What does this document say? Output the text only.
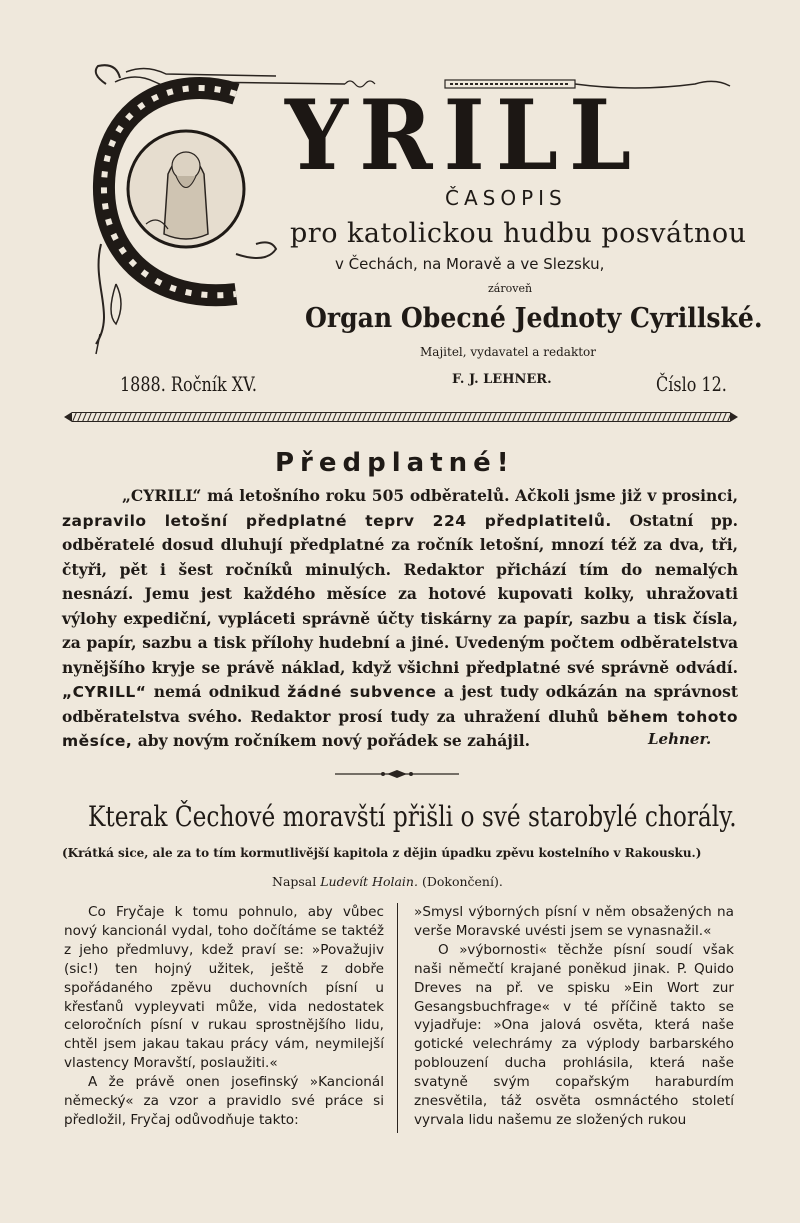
YRILL
ČASOPIS
pro katolickou hudbu posvátnou
v Čechách, na Moravě a ve Slezsku,
zároveň
Organ Obecné Jednoty Cyrillské.
Majitel, vydavatel a redaktor
1888. Ročník XV.	F. J. LEHNER.	Číslo 12.
Předplatné!

„CYRILL“ má letošního roku 505 odběratelů. Ačkoli jsme již v prosinci, zapravilo letošní předplatné teprv 224 předplatitelů. Ostatní pp. odběratelé dosud dluhují předplatné za ročník letošní, mnozí též za dva, tři, čtyři, pět i šest ročníků minulých. Redaktor přichází tím do nemalých nesnází. Jemu jest každého měsíce za hotové kupovati kolky, uhražovati výlohy expediční, vypláceti správně účty tiskárny za papír, sazbu a tisk čísla, za papír, sazbu a tisk přílohy hudební a jiné. Uvedeným počtem odběratelstva nynějšího kryje se právě náklad, když všichni předplatné své správně odvádí. „CYRILL“ nemá odnikud žádné subvence a jest tudy odkázán na správnost odběratelstva svého. Redaktor prosí tudy za uhražení dluhů během tohoto měsíce, aby novým ročníkem nový pořádek se zahájil.	Lehner.
Kterak Čechové moravští přišli o své starobylé chorály.
(Krátká sice, ale za to tím kormutlivější kapitola z dějin úpadku zpěvu kostelního v Rakousku.)
Napsal Ludevít Holain. (Dokončení).

Co Fryčaje k tomu pohnulo, aby vůbec nový kancionál vydal, toho dočítáme se taktéž z jeho předmluvy, kdež praví se: »Považujiv (sic!) ten hojný užitek, ještě z dobře spořádaného zpěvu duchovních písní u křesťanů vypleyvati může, vida nedostatek celoročních písní v rukau sprostnějšího lidu, chtěl jsem jakau takau prácy vám, neymilejší vlastency Moravští, poslaužiti.«

A že právě onen josefinský »Kancionál německý« za vzor a pravidlo své práce si předložil, Fryčaj odůvodňuje takto:

»Smysl výborných písní v něm obsažených na verše Moravské uvésti jsem se vynasnažil.«

O »výbornosti« těchže písní soudí však naši němečtí krajané poněkud jinak. P. Quido Dreves na př. ve spisku »Ein Wort zur Gesangsbuchfrage« v té příčině takto se vyjadřuje: »Ona jalová osvěta, která naše gotické velechrámy za výplody barbarského poblouzení ducha prohlásila, která naše svatyně svým copařským haraburdím znesvětila, táž osvěta osmnáctého století vyrvala lidu našemu ze složených rukou
